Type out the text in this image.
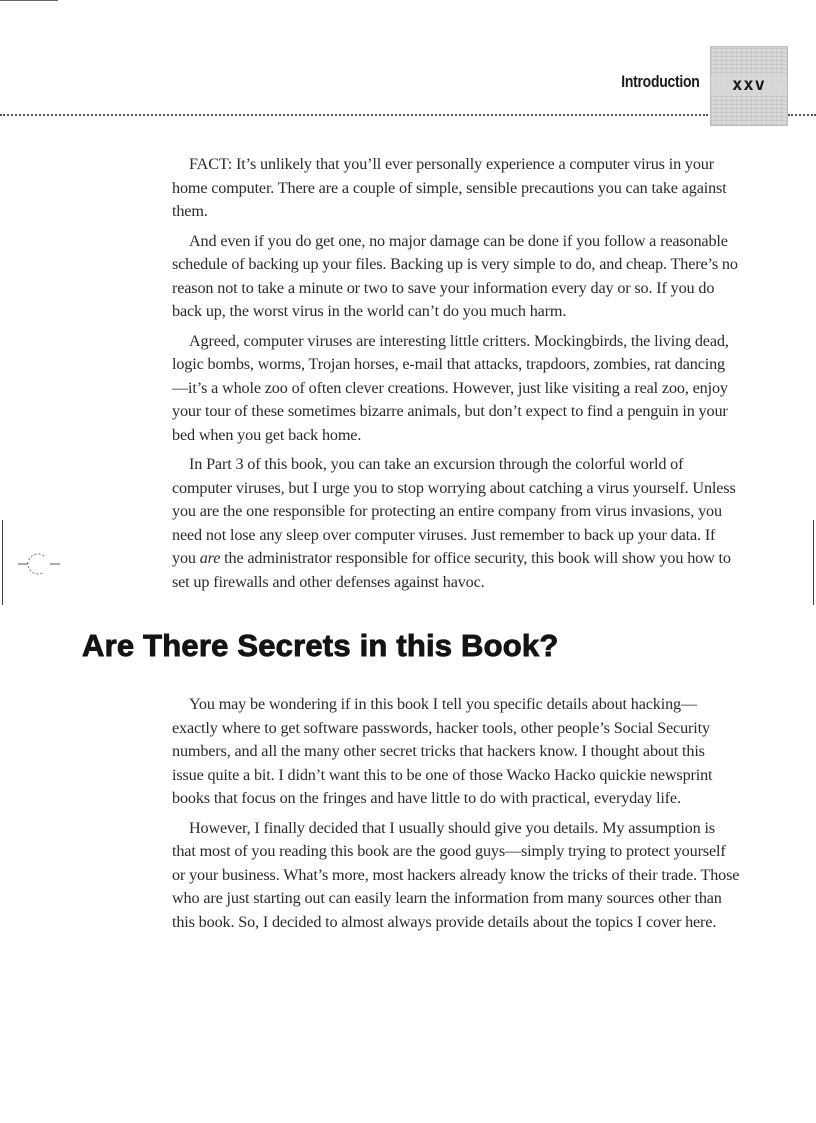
Introduction	xxv

FACT: It’s unlikely that you’ll ever personally experience a computer virus in your home computer. There are a couple of simple, sensible precautions you can take against them.

And even if you do get one, no major damage can be done if you follow a reasonable schedule of backing up your files. Backing up is very simple to do, and cheap. There’s no reason not to take a minute or two to save your information every day or so. If you do back up, the worst virus in the world can’t do you much harm.

Agreed, computer viruses are interesting little critters. Mockingbirds, the living dead, logic bombs, worms, Trojan horses, e-mail that attacks, trapdoors, zombies, rat dancing—it’s a whole zoo of often clever creations. However, just like visiting a real zoo, enjoy your tour of these sometimes bizarre animals, but don’t expect to find a penguin in your bed when you get back home.

In Part 3 of this book, you can take an excursion through the colorful world of computer viruses, but I urge you to stop worrying about catching a virus yourself. Unless you are the one responsible for protecting an entire company from virus invasions, you need not lose any sleep over computer viruses. Just remember to back up your data. If you are the administrator responsible for office security, this book will show you how to set up firewalls and other defenses against havoc.

Are There Secrets in this Book?

You may be wondering if in this book I tell you specific details about hacking—exactly where to get software passwords, hacker tools, other people’s Social Security numbers, and all the many other secret tricks that hackers know. I thought about this issue quite a bit. I didn’t want this to be one of those Wacko Hacko quickie newsprint books that focus on the fringes and have little to do with practical, everyday life.

However, I finally decided that I usually should give you details. My assumption is that most of you reading this book are the good guys—simply trying to protect yourself or your business. What’s more, most hackers already know the tricks of their trade. Those who are just starting out can easily learn the information from many sources other than this book. So, I decided to almost always provide details about the topics I cover here.
